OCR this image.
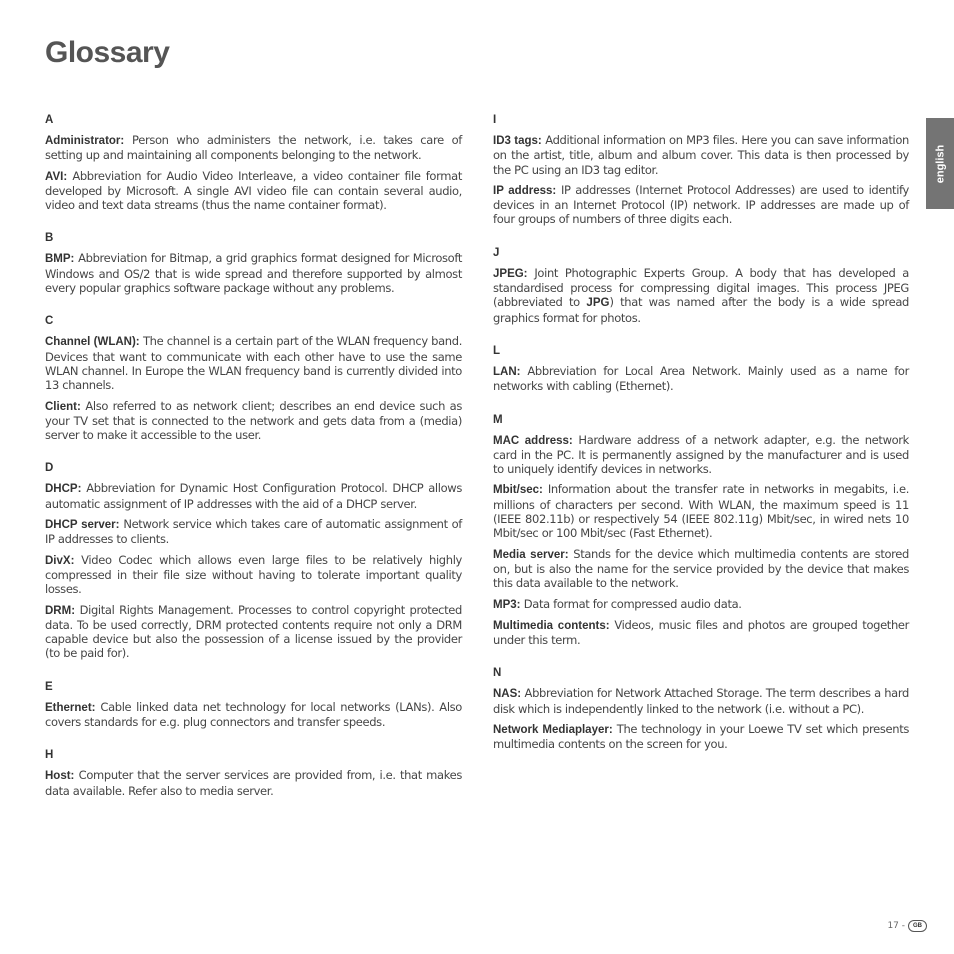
Glossary
english
A

Administrator: Person who administers the network, i.e. takes care of setting up and maintaining all components belonging to the network.

AVI: Abbreviation for Audio Video Interleave, a video container file format developed by Microsoft. A single AVI video file can contain several audio, video and text data streams (thus the name container format).

B

BMP: Abbreviation for Bitmap, a grid graphics format designed for Microsoft Windows and OS/2 that is wide spread and therefore supported by almost every popular graphics software package without any problems.

C

Channel (WLAN): The channel is a certain part of the WLAN frequency band. Devices that want to communicate with each other have to use the same WLAN channel. In Europe the WLAN frequency band is currently divided into 13 channels.

Client: Also referred to as network client; describes an end device such as your TV set that is connected to the network and gets data from a (media) server to make it accessible to the user.

D

DHCP: Abbreviation for Dynamic Host Configuration Protocol. DHCP allows automatic assignment of IP addresses with the aid of a DHCP server.

DHCP server: Network service which takes care of automatic assignment of IP addresses to clients.

DivX: Video Codec which allows even large files to be relatively highly compressed in their file size without having to tolerate important quality losses.

DRM: Digital Rights Management. Processes to control copyright protected data. To be used correctly, DRM protected contents require not only a DRM capable device but also the possession of a license issued by the provider (to be paid for).

E

Ethernet: Cable linked data net technology for local networks (LANs). Also covers standards for e.g. plug connectors and transfer speeds.

H

Host: Computer that the server services are provided from, i.e. that makes data available. Refer also to media server.

I

ID3 tags: Additional information on MP3 files. Here you can save information on the artist, title, album and album cover. This data is then processed by the PC using an ID3 tag editor.

IP address: IP addresses (Internet Protocol Addresses) are used to identify devices in an Internet Protocol (IP) network. IP addresses are made up of four groups of numbers of three digits each.

J

JPEG: Joint Photographic Experts Group. A body that has developed a standardised process for compressing digital images. This process JPEG (abbreviated to JPG) that was named after the body is a wide spread graphics format for photos.

L

LAN: Abbreviation for Local Area Network. Mainly used as a name for networks with cabling (Ethernet).

M

MAC address: Hardware address of a network adapter, e.g. the network card in the PC. It is permanently assigned by the manufacturer and is used to uniquely identify devices in networks.

Mbit/sec: Information about the transfer rate in networks in megabits, i.e. millions of characters per second. With WLAN, the maximum speed is 11 (IEEE 802.11b) or respectively 54 (IEEE 802.11g) Mbit/sec, in wired nets 10 Mbit/sec or 100 Mbit/sec (Fast Ethernet).

Media server: Stands for the device which multimedia contents are stored on, but is also the name for the service provided by the device that makes this data available to the network.

MP3: Data format for compressed audio data.

Multimedia contents: Videos, music files and photos are grouped together under this term.

N

NAS: Abbreviation for Network Attached Storage. The term describes a hard disk which is independently linked to the network (i.e. without a PC).

Network Mediaplayer: The technology in your Loewe TV set which presents multimedia contents on the screen for you.

17 -	GB
